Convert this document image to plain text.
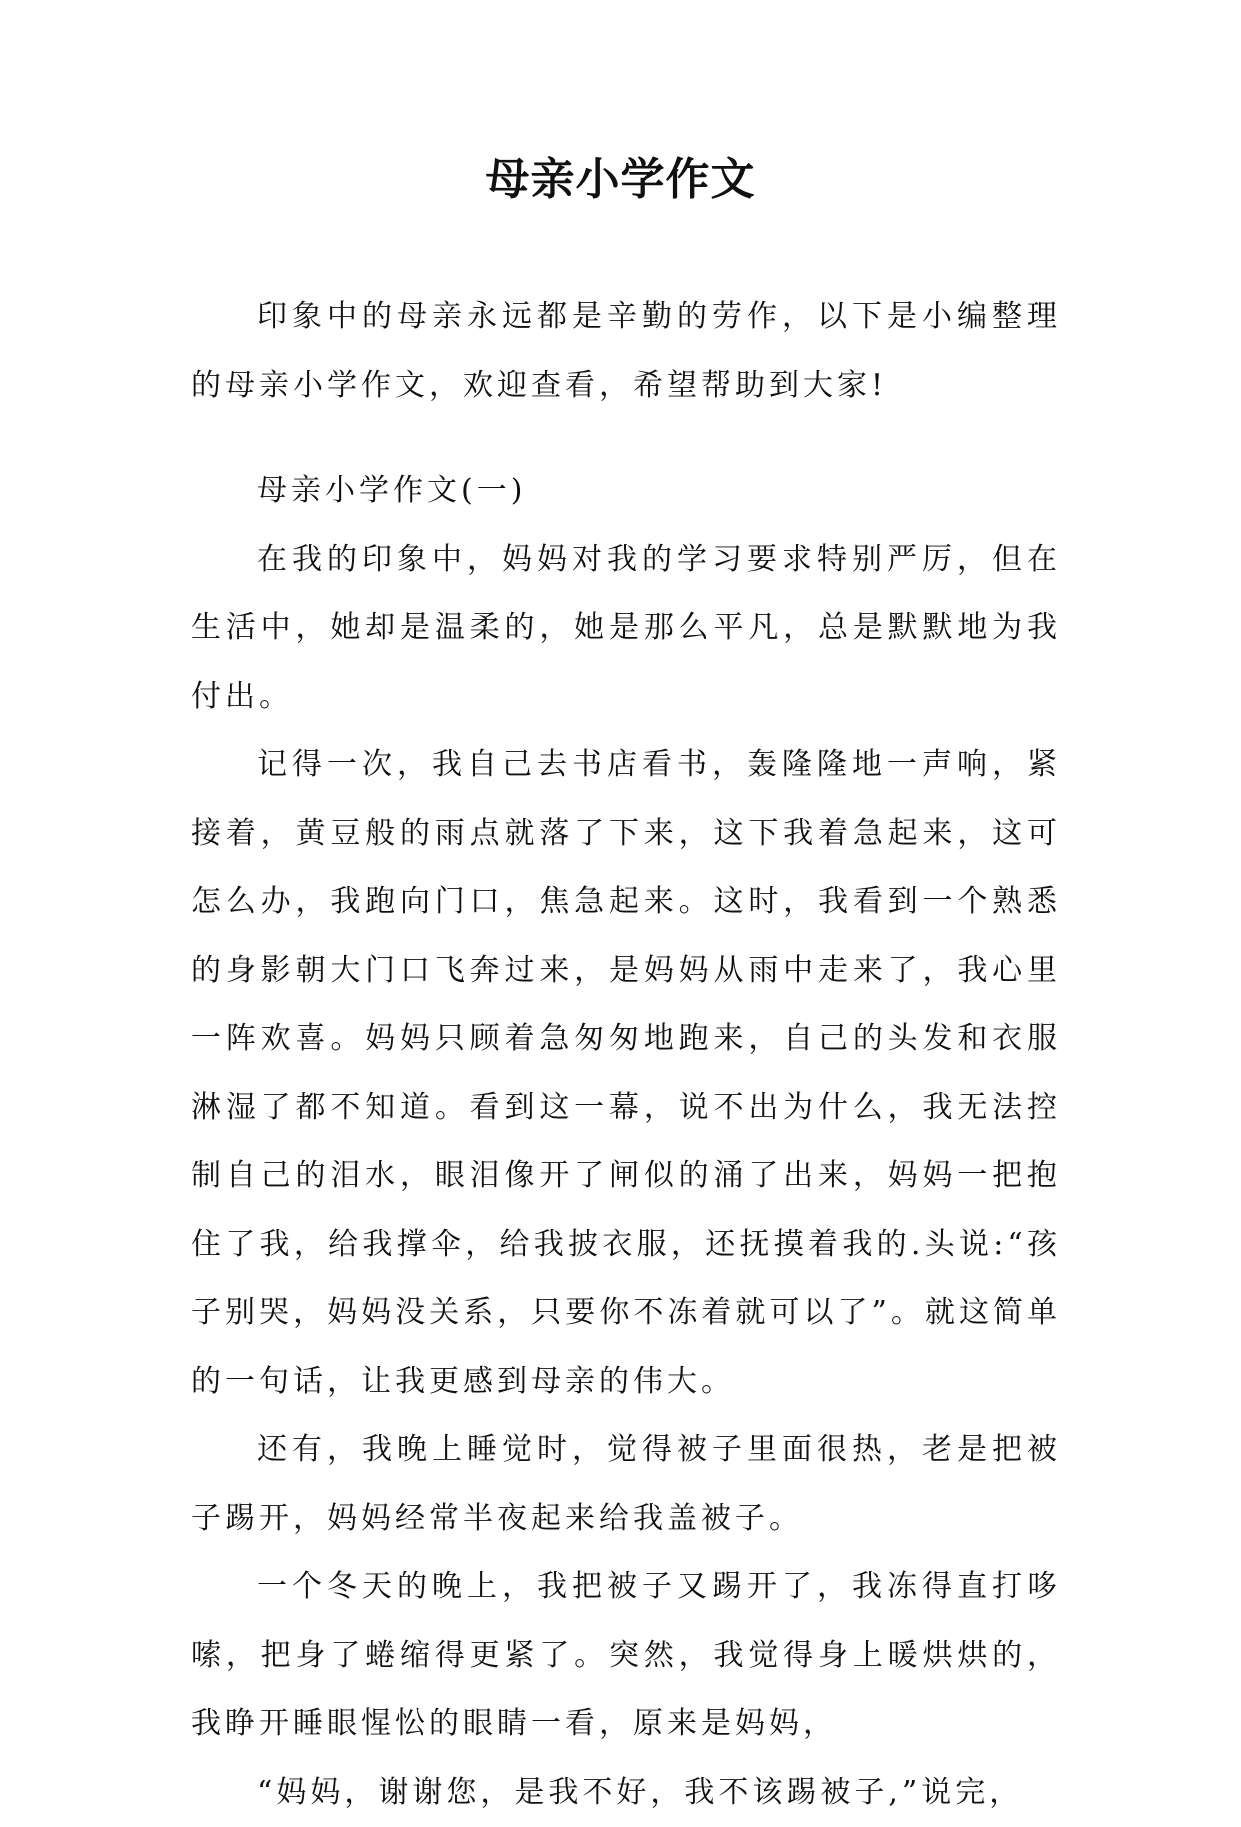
母亲小学作文

印象中的母亲永远都是辛勤的劳作，以下是小编整理的母亲小学作文，欢迎查看，希望帮助到大家!

母亲小学作文(一)

在我的印象中，妈妈对我的学习要求特别严厉，但在生活中，她却是温柔的，她是那么平凡，总是默默地为我付出。

记得一次，我自己去书店看书，轰隆隆地一声响，紧接着，黄豆般的雨点就落了下来，这下我着急起来，这可怎么办，我跑向门口，焦急起来。这时，我看到一个熟悉的身影朝大门口飞奔过来，是妈妈从雨中走来了，我心里一阵欢喜。妈妈只顾着急匆匆地跑来，自己的头发和衣服淋湿了都不知道。看到这一幕，说不出为什么，我无法控制自己的泪水，眼泪像开了闸似的涌了出来，妈妈一把抱住了我，给我撑伞，给我披衣服，还抚摸着我的.头说:“孩子别哭，妈妈没关系，只要你不冻着就可以了”。就这简单的一句话，让我更感到母亲的伟大。

还有，我晚上睡觉时，觉得被子里面很热，老是把被子踢开，妈妈经常半夜起来给我盖被子。

一个冬天的晚上，我把被子又踢开了，我冻得直打哆嗦，把身了蜷缩得更紧了。突然，我觉得身上暖烘烘的，我睁开睡眼惺忪的眼睛一看，原来是妈妈，

“妈妈，谢谢您，是我不好，我不该踢被子,”说完，
